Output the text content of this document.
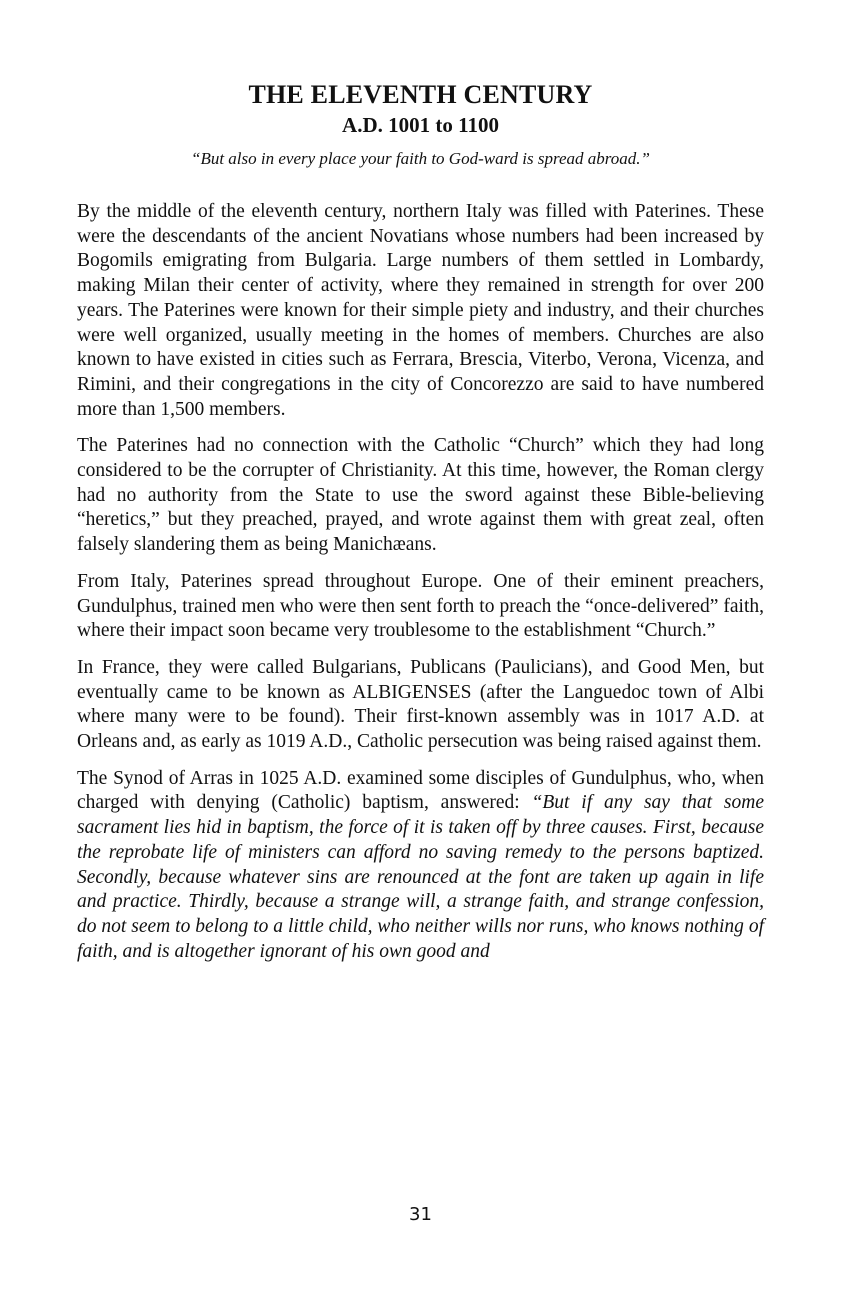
THE ELEVENTH CENTURY
A.D. 1001 to 1100

“But also in every place your faith to God-ward is spread abroad.”

By the middle of the eleventh century, northern Italy was filled with Paterines. These were the descendants of the ancient Novatians whose numbers had been increased by Bogomils emigrating from Bulgaria. Large numbers of them settled in Lombardy, making Milan their center of activity, where they remained in strength for over 200 years. The Paterines were known for their simple piety and industry, and their churches were well organized, usually meeting in the homes of members. Churches are also known to have existed in cities such as Ferrara, Brescia, Viterbo, Verona, Vicenza, and Rimini, and their congregations in the city of Concorezzo are said to have numbered more than 1,500 members.

The Paterines had no connection with the Catholic “Church” which they had long considered to be the corrupter of Christianity. At this time, however, the Roman clergy had no authority from the State to use the sword against these Bible-believing “heretics,” but they preached, prayed, and wrote against them with great zeal, often falsely slandering them as being Manichæans.

From Italy, Paterines spread throughout Europe. One of their eminent preachers, Gundulphus, trained men who were then sent forth to preach the “once-delivered” faith, where their impact soon became very troublesome to the establishment “Church.”

In France, they were called Bulgarians, Publicans (Paulicians), and Good Men, but eventually came to be known as ALBIGENSES (after the Languedoc town of Albi where many were to be found). Their first-known assembly was in 1017 A.D. at Orleans and, as early as 1019 A.D., Catholic persecution was being raised against them.

The Synod of Arras in 1025 A.D. examined some disciples of Gundulphus, who, when charged with denying (Catholic) baptism, answered: “But if any say that some sacrament lies hid in baptism, the force of it is taken off by three causes. First, because the reprobate life of ministers can afford no saving remedy to the persons baptized. Secondly, because whatever sins are renounced at the font are taken up again in life and practice. Thirdly, because a strange will, a strange faith, and strange confession, do not seem to belong to a little child, who neither wills nor runs, who knows nothing of faith, and is altogether ignorant of his own good and

31
